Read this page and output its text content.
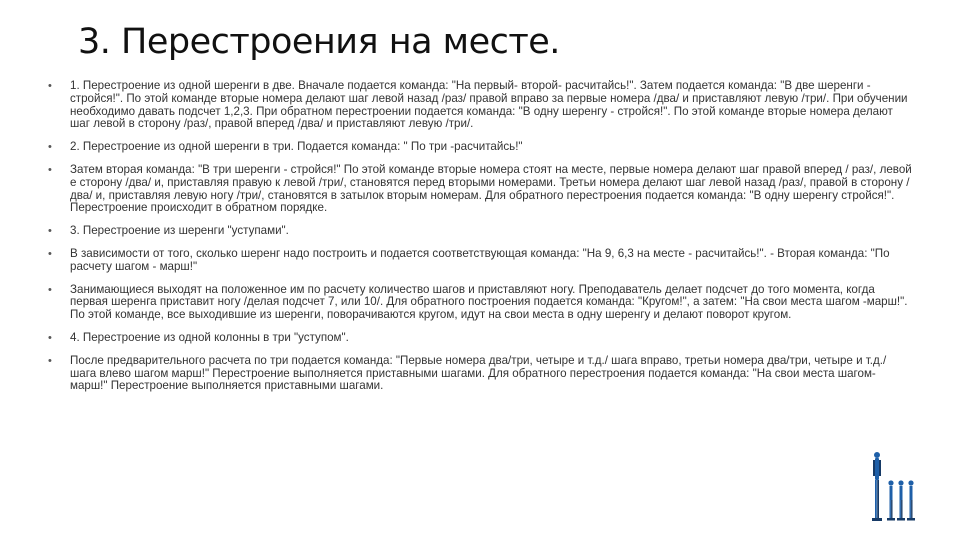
3. Перестроения на месте.
• 1. Перестроение из одной шеренги в две. Вначале подается команда: "На первый- второй- расчитайсь!". Затем подается команда: "В две шеренги - стройся!". По этой команде вторые номера делают шаг левой назад /раз/ правой вправо за первые номера /два/ и приставляют левую /три/. При обучении необходимо давать подсчет 1,2,3. При обратном перестроении подается команда: "В одну шеренгу - стройся!". По этой команде вторые номера делают шаг левой в сторону /раз/, правой вперед /два/ и приставляют левую /три/.
• 2. Перестроение из одной шеренги в три. Подается команда: " По три -расчитайсь!"
• Затем вторая команда: "В три шеренги - стройся!" По этой команде вторые номера стоят на месте, первые номера делают шаг правой вперед / раз/, левой е сторону /два/ и, приставляя правую к левой /три/, становятся перед вторыми номерами. Третьи номера делают шаг левой назад /раз/, правой в сторону /два/ и, приставляя левую ногу /три/, становятся в затылок вторым номерам. Для обратного перестроения подается команда: "В одну шеренгу стройся!". Перестроение происходит в обратном порядке.
• 3. Перестроение из шеренги "уступами".
• В зависимости от того, сколько шеренг надо построить и подается соответствующая команда: "На 9, 6,3 на месте - расчитайсь!". - Вторая команда: "По расчету шагом - марш!"
• Занимающиеся выходят на положенное им по расчету количество шагов и приставляют ногу. Преподаватель делает подсчет до того момента, когда первая шеренга приставит ногу /делая подсчет 7, или 10/. Для обратного построения подается команда: "Кругом!", а затем: "На свои места шагом -марш!". По этой команде, все выходившие из шеренги, поворачиваются кругом, идут на свои места в одну шеренгу и делают поворот кругом.
• 4. Перестроение из одной колонны в три "уступом".
• После предварительного расчета по три подается команда: "Первые номера два/три, четыре и т.д./ шага вправо, третьи номера два/три, четыре и т.д./ шага влево шагом марш!" Перестроение выполняется приставными шагами. Для обратного перестроения подается команда: "На свои места шагом- марш!" Перестроение выполняется приставными шагами.
